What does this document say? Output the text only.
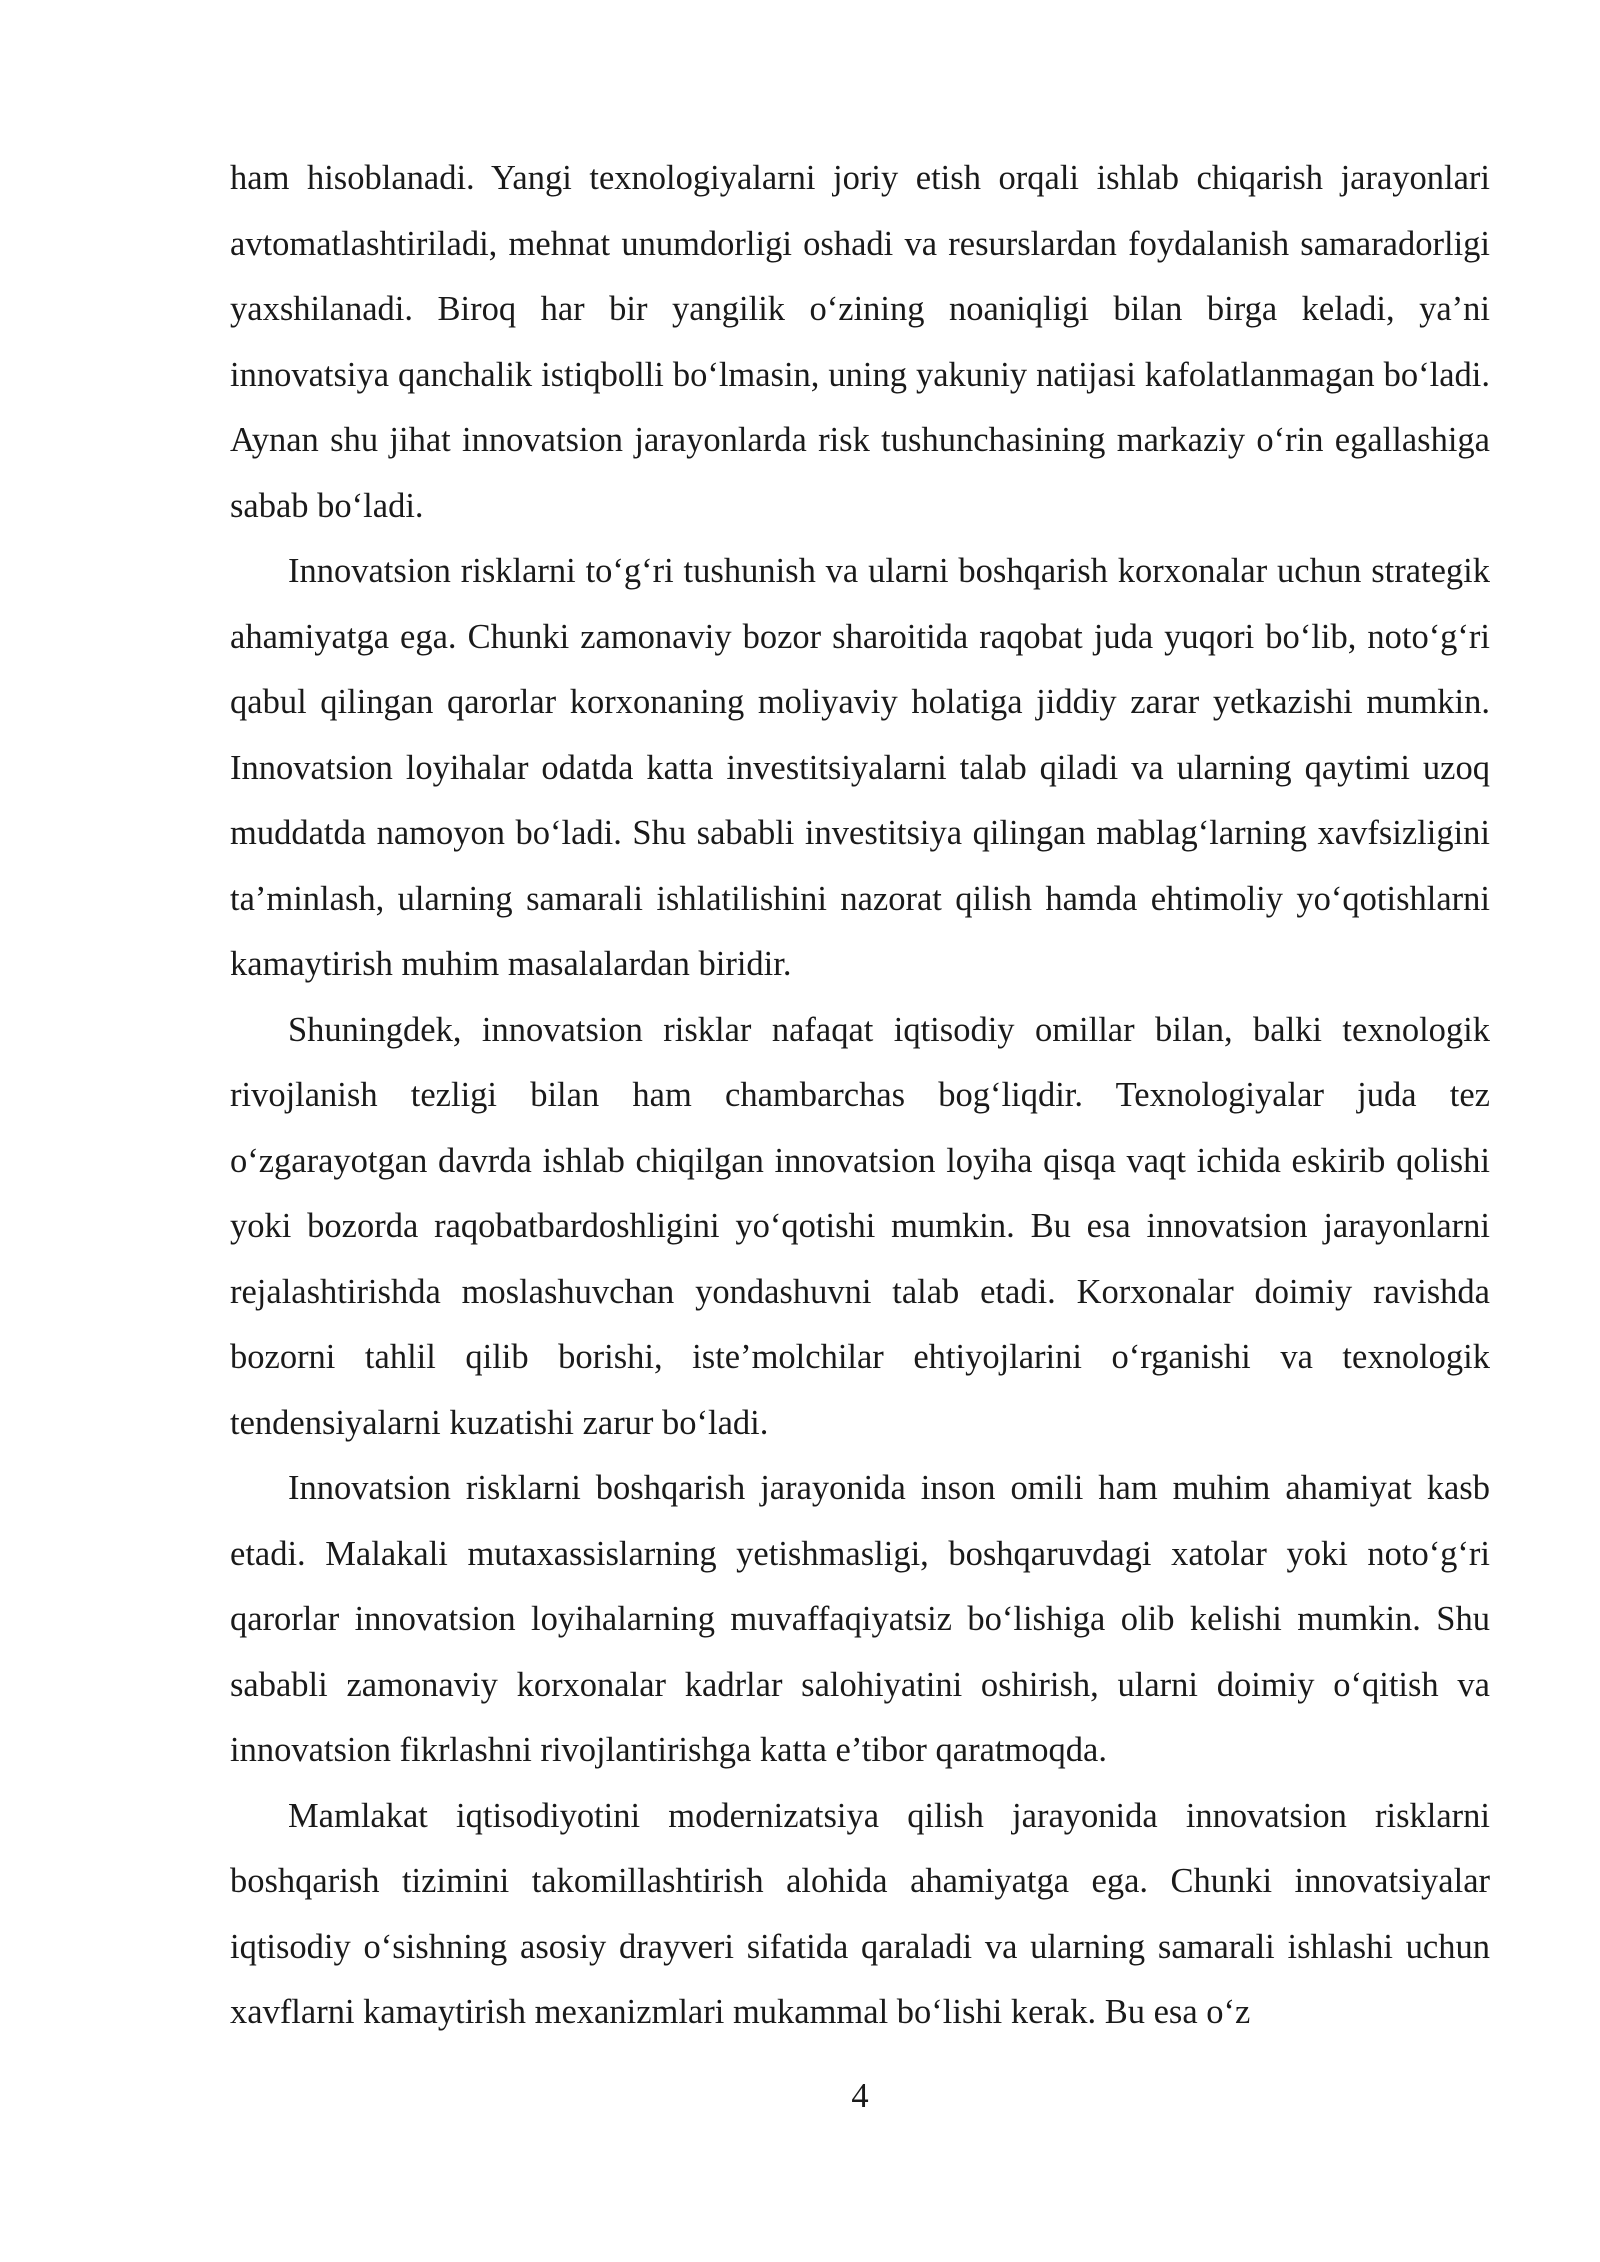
ham hisoblanadi. Yangi texnologiyalarni joriy etish orqali ishlab chiqarish jarayonlari avtomatlashtiriladi, mehnat unumdorligi oshadi va resurslardan foydalanish samaradorligi yaxshilanadi. Biroq har bir yangilik o‘zining noaniqligi bilan birga keladi, ya’ni innovatsiya qanchalik istiqbolli bo‘lmasin, uning yakuniy natijasi kafolatlanmagan bo‘ladi. Aynan shu jihat innovatsion jarayonlarda risk tushunchasining markaziy o‘rin egallashiga sabab bo‘ladi.

Innovatsion risklarni to‘g‘ri tushunish va ularni boshqarish korxonalar uchun strategik ahamiyatga ega. Chunki zamonaviy bozor sharoitida raqobat juda yuqori bo‘lib, noto‘g‘ri qabul qilingan qarorlar korxonaning moliyaviy holatiga jiddiy zarar yetkazishi mumkin. Innovatsion loyihalar odatda katta investitsiyalarni talab qiladi va ularning qaytimi uzoq muddatda namoyon bo‘ladi. Shu sababli investitsiya qilingan mablag‘larning xavfsizligini ta’minlash, ularning samarali ishlatilishini nazorat qilish hamda ehtimoliy yo‘qotishlarni kamaytirish muhim masalalardan biridir.

Shuningdek, innovatsion risklar nafaqat iqtisodiy omillar bilan, balki texnologik rivojlanish tezligi bilan ham chambarchas bog‘liqdir. Texnologiyalar juda tez o‘zgarayotgan davrda ishlab chiqilgan innovatsion loyiha qisqa vaqt ichida eskirib qolishi yoki bozorda raqobatbardoshligini yo‘qotishi mumkin. Bu esa innovatsion jarayonlarni rejalashtirishda moslashuvchan yondashuvni talab etadi. Korxonalar doimiy ravishda bozorni tahlil qilib borishi, iste’molchilar ehtiyojlarini o‘rganishi va texnologik tendensiyalarni kuzatishi zarur bo‘ladi.

Innovatsion risklarni boshqarish jarayonida inson omili ham muhim ahamiyat kasb etadi. Malakali mutaxassislarning yetishmasligi, boshqaruvdagi xatolar yoki noto‘g‘ri qarorlar innovatsion loyihalarning muvaffaqiyatsiz bo‘lishiga olib kelishi mumkin. Shu sababli zamonaviy korxonalar kadrlar salohiyatini oshirish, ularni doimiy o‘qitish va innovatsion fikrlashni rivojlantirishga katta e’tibor qaratmoqda.

Mamlakat iqtisodiyotini modernizatsiya qilish jarayonida innovatsion risklarni boshqarish tizimini takomillashtirish alohida ahamiyatga ega. Chunki innovatsiyalar iqtisodiy o‘sishning asosiy drayveri sifatida qaraladi va ularning samarali ishlashi uchun xavflarni kamaytirish mexanizmlari mukammal bo‘lishi kerak. Bu esa o‘z

4
